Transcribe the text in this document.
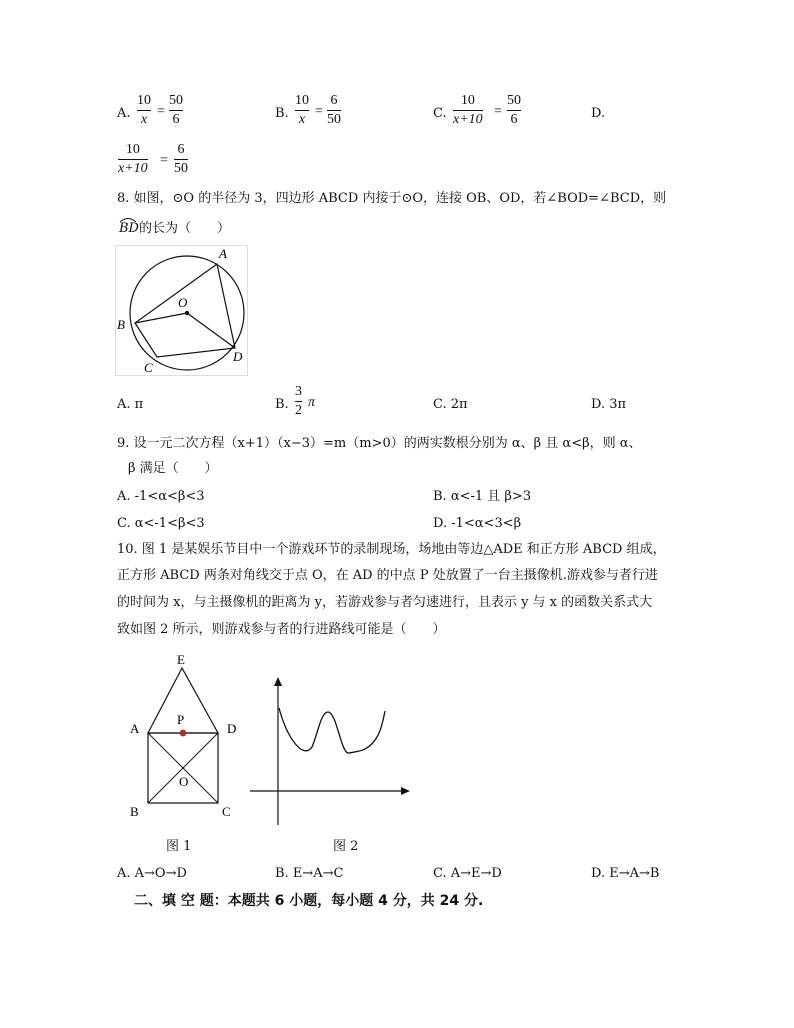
A.
10
x
=
50
6	B.
10
x
=
6
50	C.
10
x+10
=
50
6	D.
10
x+10
=
6
50
8. 如图，⊙O 的半径为 3，四边形 ABCD 内接于⊙O，连接 OB、OD，若∠BOD=∠BCD，则
BD
的长为（　　）
A
B
C
D
O
A. π	B.
3
2
π	C. 2π	D. 3π
9. 设一元二次方程（x+1）（x−3）=m（m>0）的两实数根分别为 α、β 且 α<β，则 α、
β 满足（　　）
A. -1<α<β<3	B. α<-1 且 β>3
C. α<-1<β<3	D. -1<α<3<β
10. 图 1 是某娱乐节目中一个游戏环节的录制现场，场地由等边△ADE 和正方形 ABCD 组成，
正方形 ABCD 两条对角线交于点 O，在 AD 的中点 P 处放置了一台主摄像机.游戏参与者行进
的时间为 x，与主摄像机的距离为 y，若游戏参与者匀速进行，且表示 y 与 x 的函数关系式大
致如图 2 所示，则游戏参与者的行进路线可能是（　　）
E
A
P
D
O
B	C
图 1	图 2
A. A→O→D	B. E→A→C	C. A→E→D	D. E→A→B
二、填 空 题：本题共 6 小题，每小题 4 分，共 24 分.
